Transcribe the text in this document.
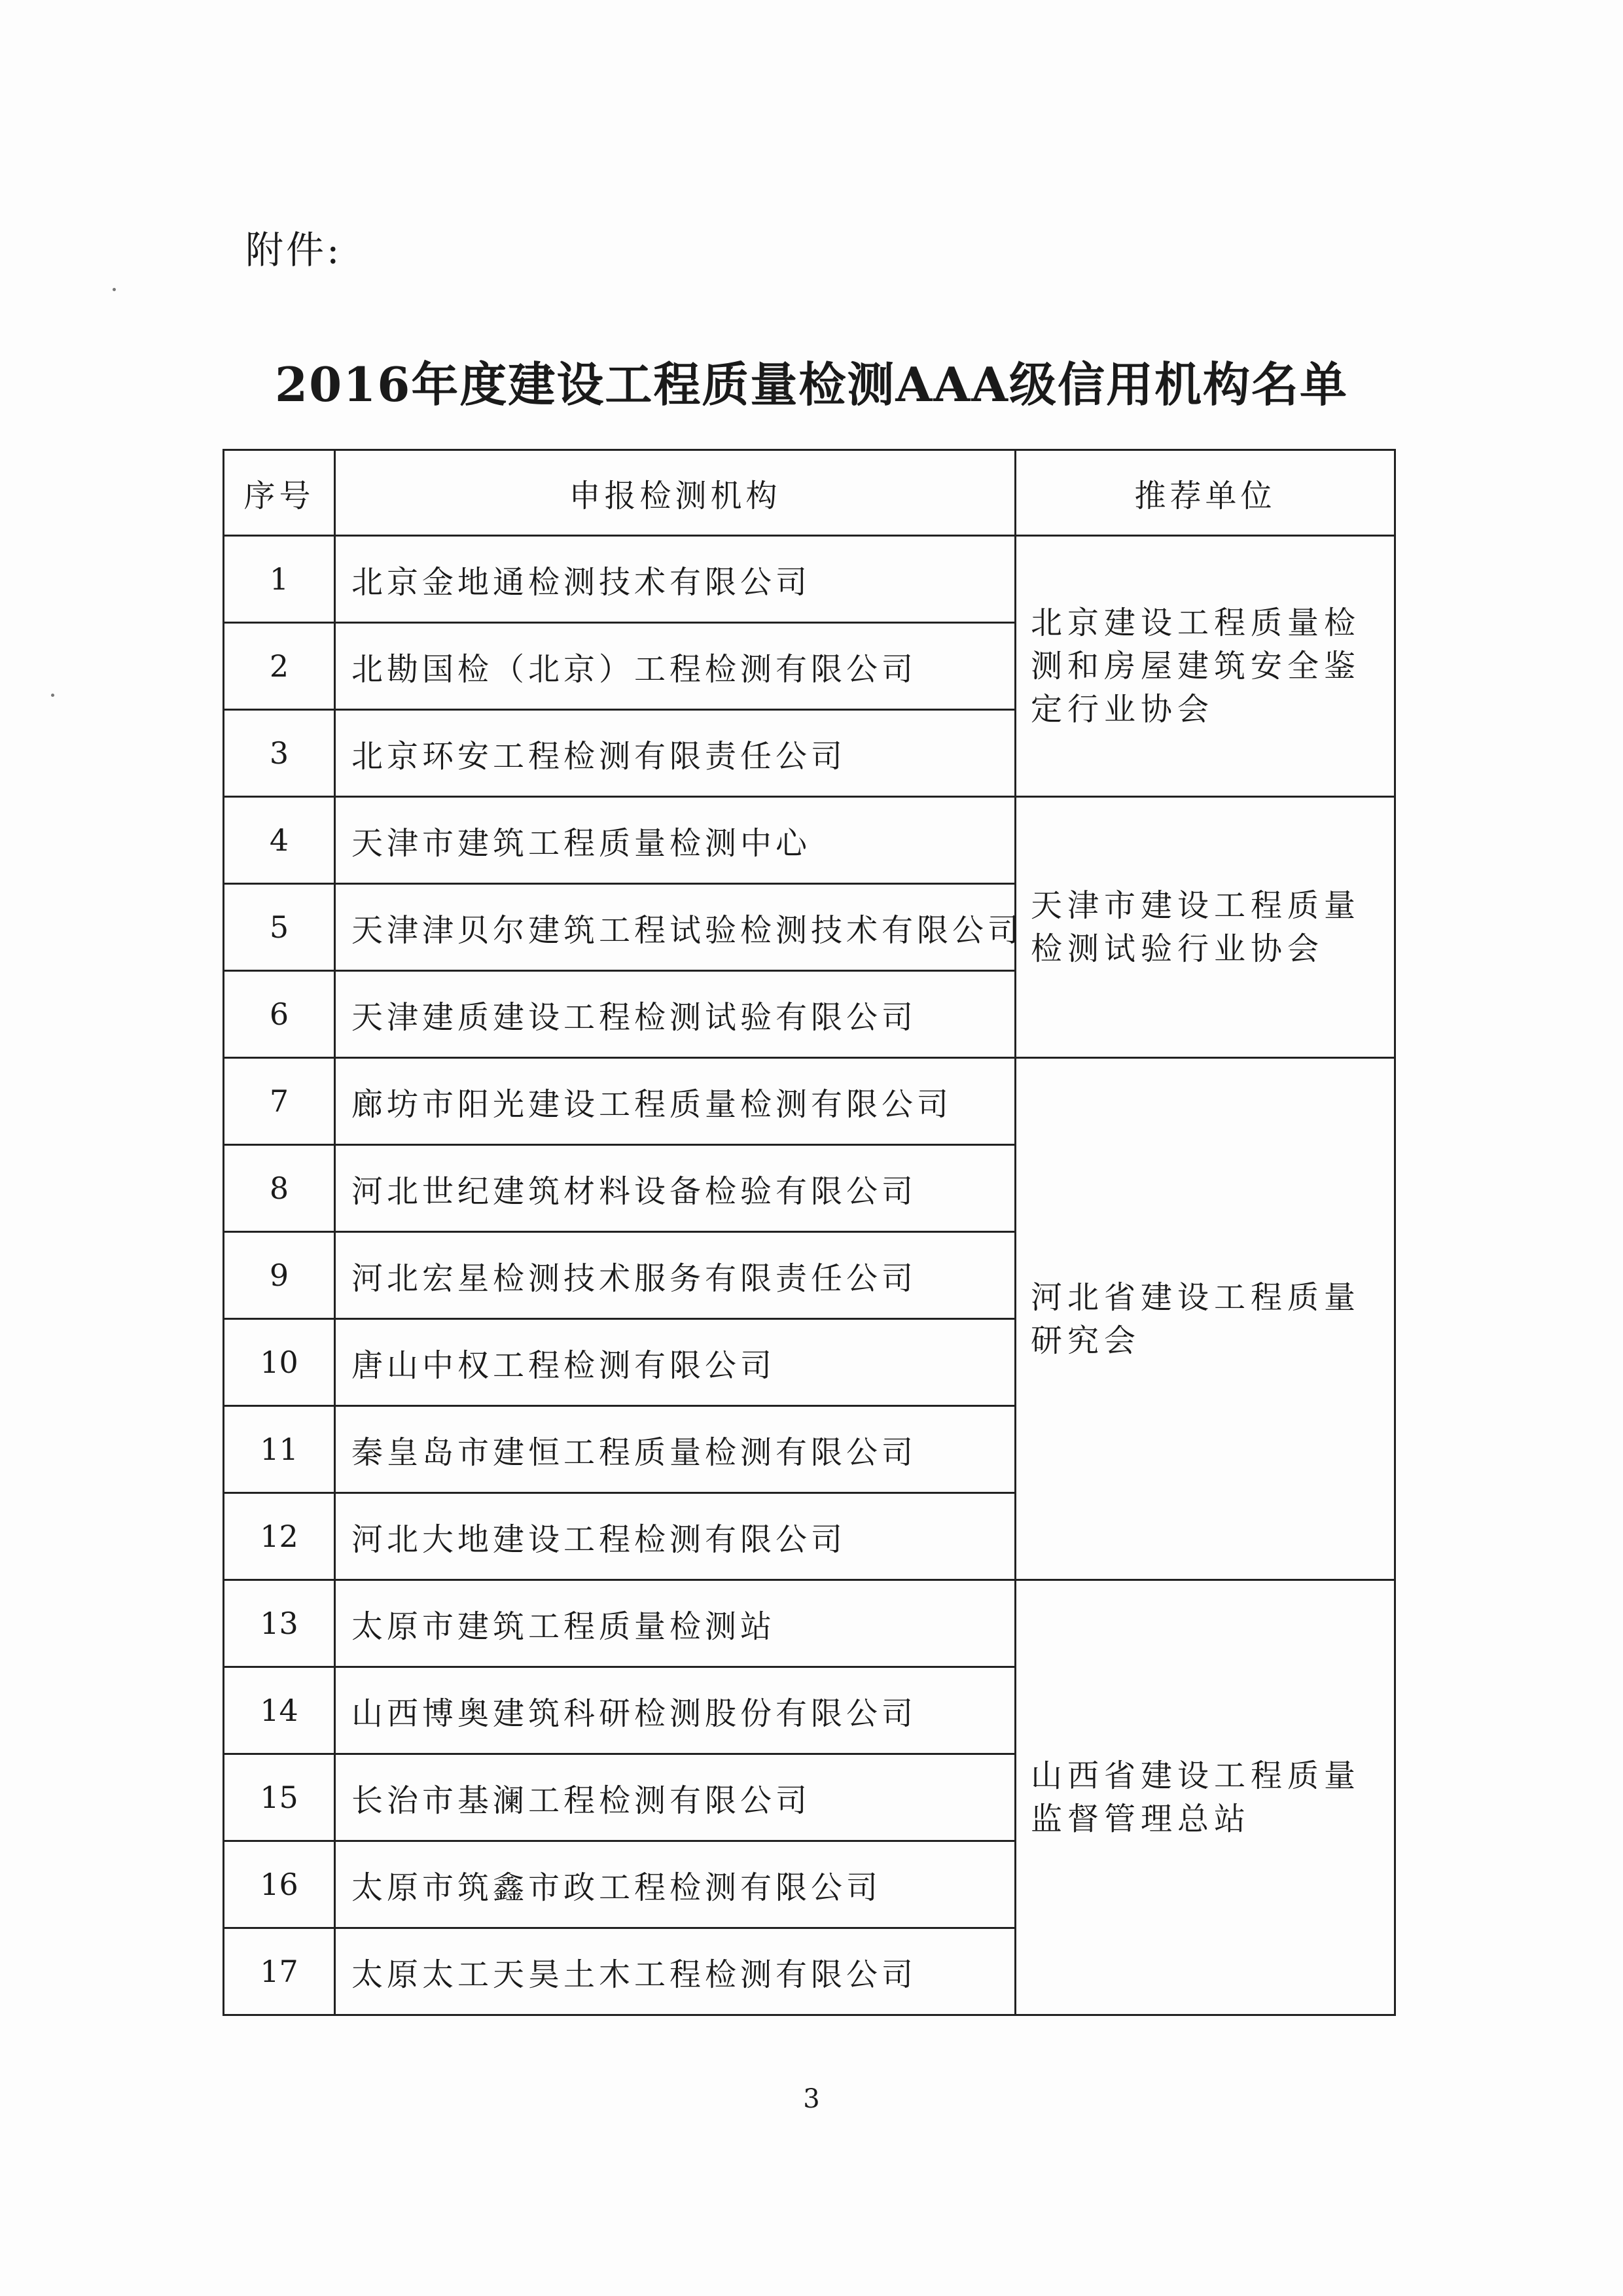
附件:
2016年度建设工程质量检测AAA级信用机构名单
序号	申报检测机构	推荐单位
1	北京金地通检测技术有限公司	北京建设工程质量检测和房屋建筑安全鉴定行业协会
2	北勘国检（北京）工程检测有限公司	
3	北京环安工程检测有限责任公司	
4	天津市建筑工程质量检测中心	天津市建设工程质量检测试验行业协会
5	天津津贝尔建筑工程试验检测技术有限公司	
6	天津建质建设工程检测试验有限公司	
7	廊坊市阳光建设工程质量检测有限公司	河北省建设工程质量研究会
8	河北世纪建筑材料设备检验有限公司	
9	河北宏星检测技术服务有限责任公司	
10	唐山中权工程检测有限公司	
11	秦皇岛市建恒工程质量检测有限公司	
12	河北大地建设工程检测有限公司	
13	太原市建筑工程质量检测站	山西省建设工程质量监督管理总站
14	山西博奥建筑科研检测股份有限公司	
15	长治市基澜工程检测有限公司	
16	太原市筑鑫市政工程检测有限公司	
17	太原太工天昊土木工程检测有限公司	
3
